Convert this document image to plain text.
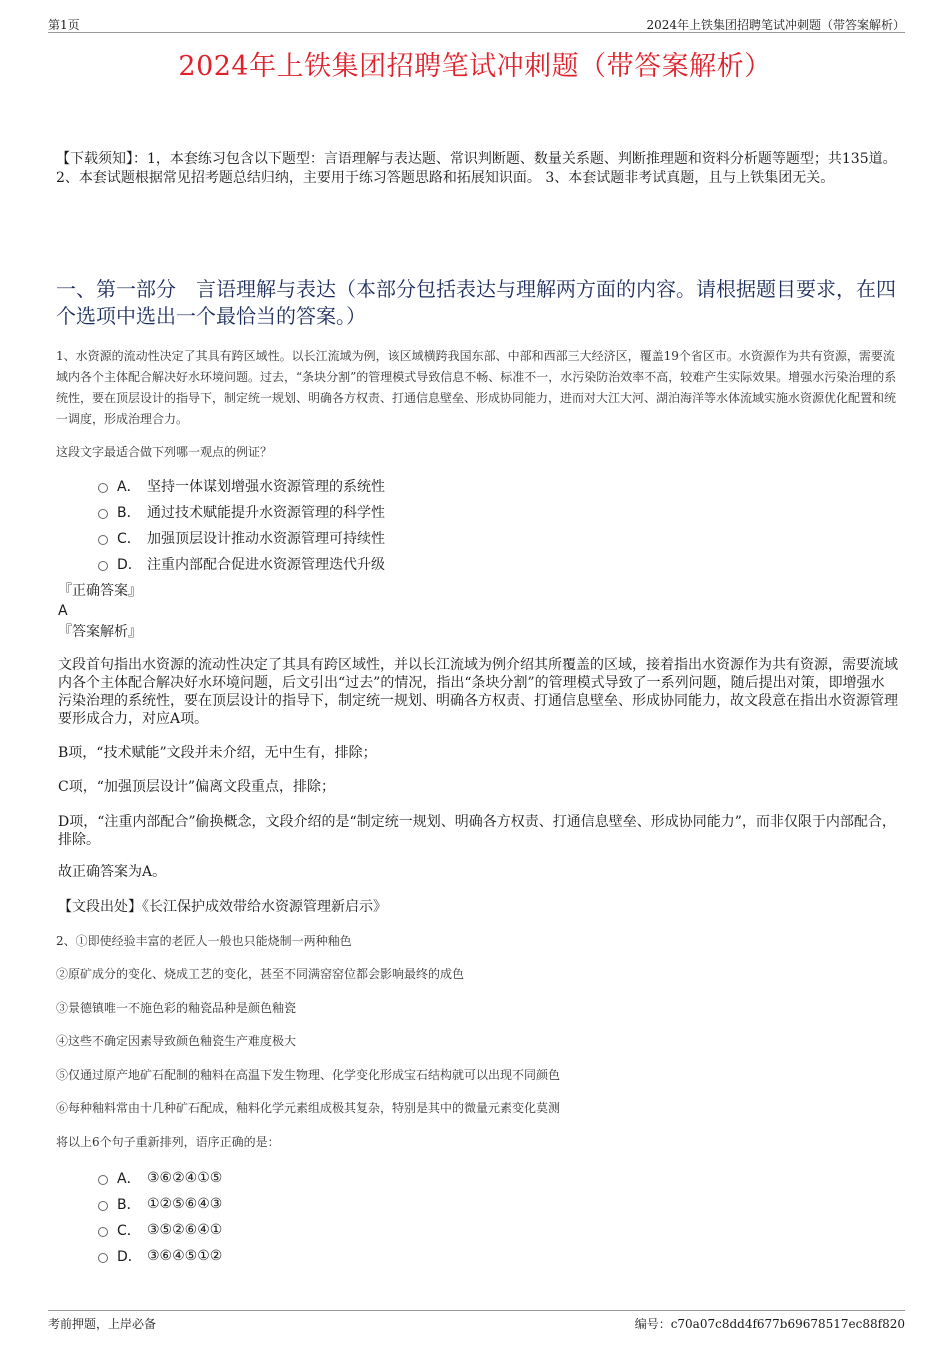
第1页	2024年上铁集团招聘笔试冲刺题（带答案解析）
2024年上铁集团招聘笔试冲刺题（带答案解析）
【下载须知】：1，本套练习包含以下题型：言语理解与表达题、常识判断题、数量关系题、判断推理题和资料分析题等题型；共135道。 2、本套试题根据常见招考题总结归纳，主要用于练习答题思路和拓展知识面。 3、本套试题非考试真题，且与上铁集团无关。
一、第一部分　言语理解与表达（本部分包括表达与理解两方面的内容。请根据题目要求，在四个选项中选出一个最恰当的答案。）
1、水资源的流动性决定了其具有跨区域性。以长江流域为例，该区域横跨我国东部、中部和西部三大经济区，覆盖19个省区市。水资源作为共有资源，需要流域内各个主体配合解决好水环境问题。过去，“条块分割”的管理模式导致信息不畅、标准不一，水污染防治效率不高，较难产生实际效果。增强水污染治理的系统性，要在顶层设计的指导下，制定统一规划、明确各方权责、打通信息壁垒、形成协同能力，进而对大江大河、湖泊海洋等水体流域实施水资源优化配置和统一调度，形成治理合力。
这段文字最适合做下列哪一观点的例证？
A． 坚持一体谋划增强水资源管理的系统性
B． 通过技术赋能提升水资源管理的科学性
C． 加强顶层设计推动水资源管理可持续性
D． 注重内部配合促进水资源管理迭代升级
『正确答案』
A
『答案解析』
文段首句指出水资源的流动性决定了其具有跨区域性，并以长江流域为例介绍其所覆盖的区域，接着指出水资源作为共有资源，需要流域内各个主体配合解决好水环境问题，后文引出“过去”的情况，指出“条块分割”的管理模式导致了一系列问题，随后提出对策，即增强水污染治理的系统性，要在顶层设计的指导下，制定统一规划、明确各方权责、打通信息壁垒、形成协同能力，故文段意在指出水资源管理要形成合力，对应A项。
B项，“技术赋能”文段并未介绍，无中生有，排除；
C项，“加强顶层设计”偏离文段重点，排除；
D项，“注重内部配合”偷换概念，文段介绍的是“制定统一规划、明确各方权责、打通信息壁垒、形成协同能力”，而非仅限于内部配合，排除。
故正确答案为A。
【文段出处】《长江保护成效带给水资源管理新启示》
2、①即使经验丰富的老匠人一般也只能烧制一两种釉色
②原矿成分的变化、烧成工艺的变化，甚至不同满窑窑位都会影响最终的成色
③景德镇唯一不施色彩的釉瓷品种是颜色釉瓷
④这些不确定因素导致颜色釉瓷生产难度极大
⑤仅通过原产地矿石配制的釉料在高温下发生物理、化学变化形成宝石结构就可以出现不同颜色
⑥每种釉料常由十几种矿石配成，釉料化学元素组成极其复杂，特别是其中的微量元素变化莫测
将以上6个句子重新排列，语序正确的是：
A． ③⑥②④①⑤
B． ①②⑤⑥④③
C． ③⑤②⑥④①
D． ③⑥④⑤①②
考前押题，上岸必备	编号：c70a07c8dd4f677b69678517ec88f820
